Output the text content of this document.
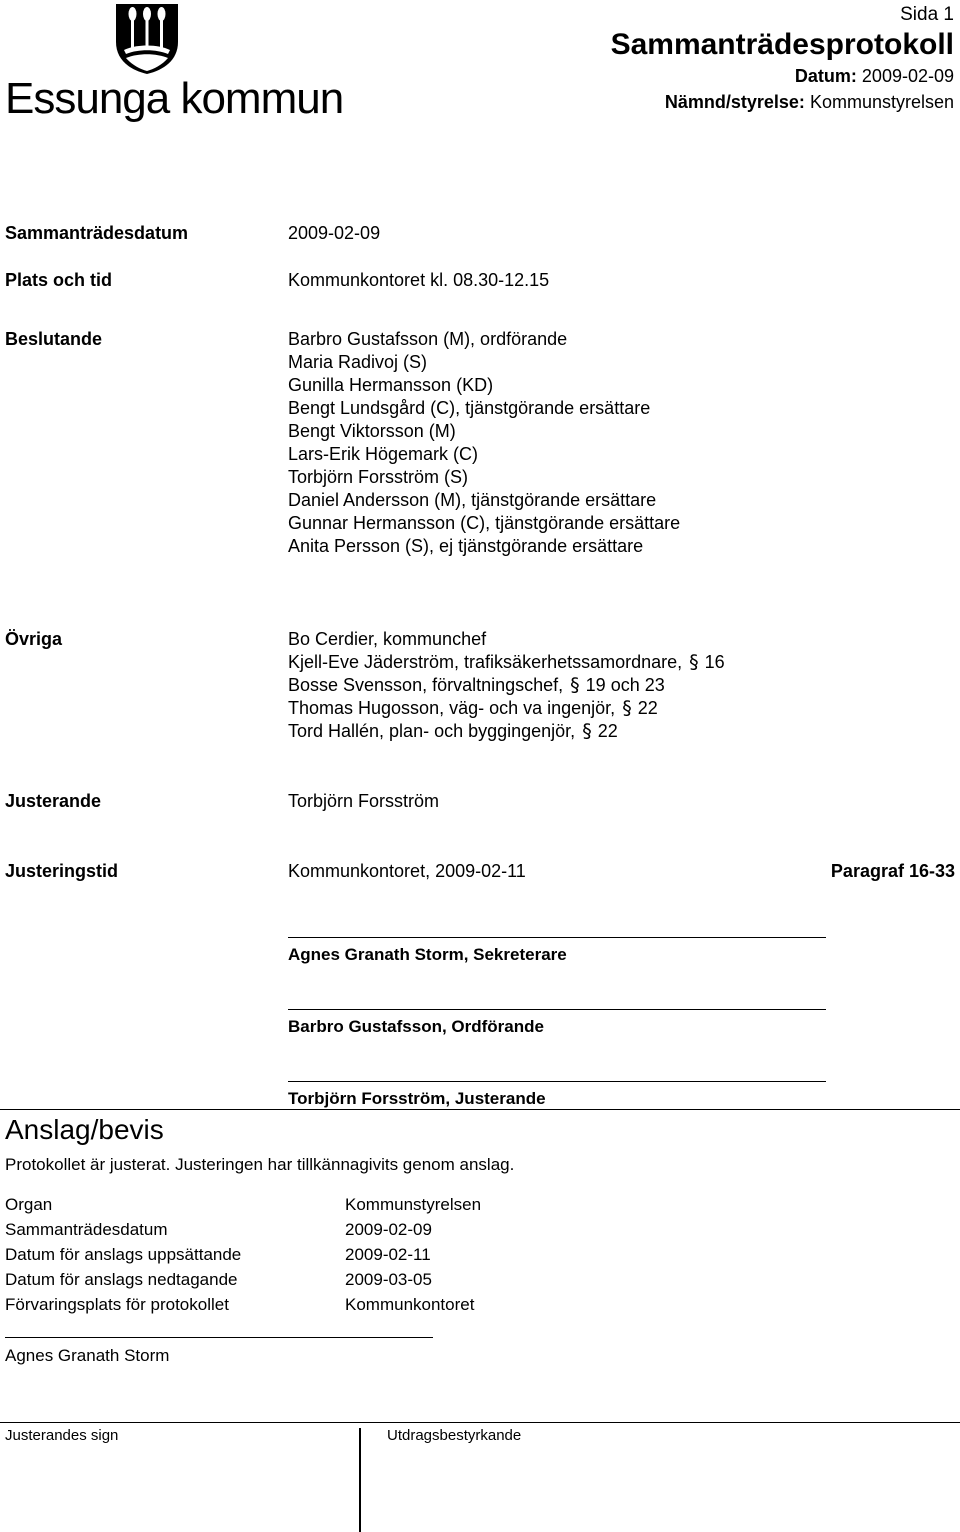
Essunga kommun
Sida 1
Sammanträdesprotokoll
Datum: 2009-02-09
Nämnd/styrelse: Kommunstyrelsen
Sammanträdesdatum	2009-02-09
Plats och tid	Kommunkontoret kl. 08.30-12.15
Beslutande	Barbro Gustafsson (M), ordförande
Maria Radivoj (S)
Gunilla Hermansson (KD)
Bengt Lundsgård (C), tjänstgörande ersättare
Bengt Viktorsson (M)
Lars-Erik Högemark (C)
Torbjörn Forsström (S)
Daniel Andersson (M), tjänstgörande ersättare
Gunnar Hermansson (C), tjänstgörande ersättare
Anita Persson (S), ej tjänstgörande ersättare
Övriga	Bo Cerdier, kommunchef
Kjell-Eve Jäderström, trafiksäkerhetssamordnare, § 16
Bosse Svensson, förvaltningschef, § 19 och 23
Thomas Hugosson, väg- och va ingenjör, § 22
Tord Hallén, plan- och byggingenjör, § 22
Justerande	Torbjörn Forsström
Justeringstid	Kommunkontoret, 2009-02-11	Paragraf 16-33
Agnes Granath Storm, Sekreterare
Barbro Gustafsson, Ordförande
Torbjörn Forsström, Justerande
Anslag/bevis
Protokollet är justerat. Justeringen har tillkännagivits genom anslag.
Organ	Kommunstyrelsen
Sammanträdesdatum	2009-02-09
Datum för anslags uppsättande	2009-02-11
Datum för anslags nedtagande	2009-03-05
Förvaringsplats för protokollet	Kommunkontoret
Agnes Granath Storm
Justerandes sign	Utdragsbestyrkande
